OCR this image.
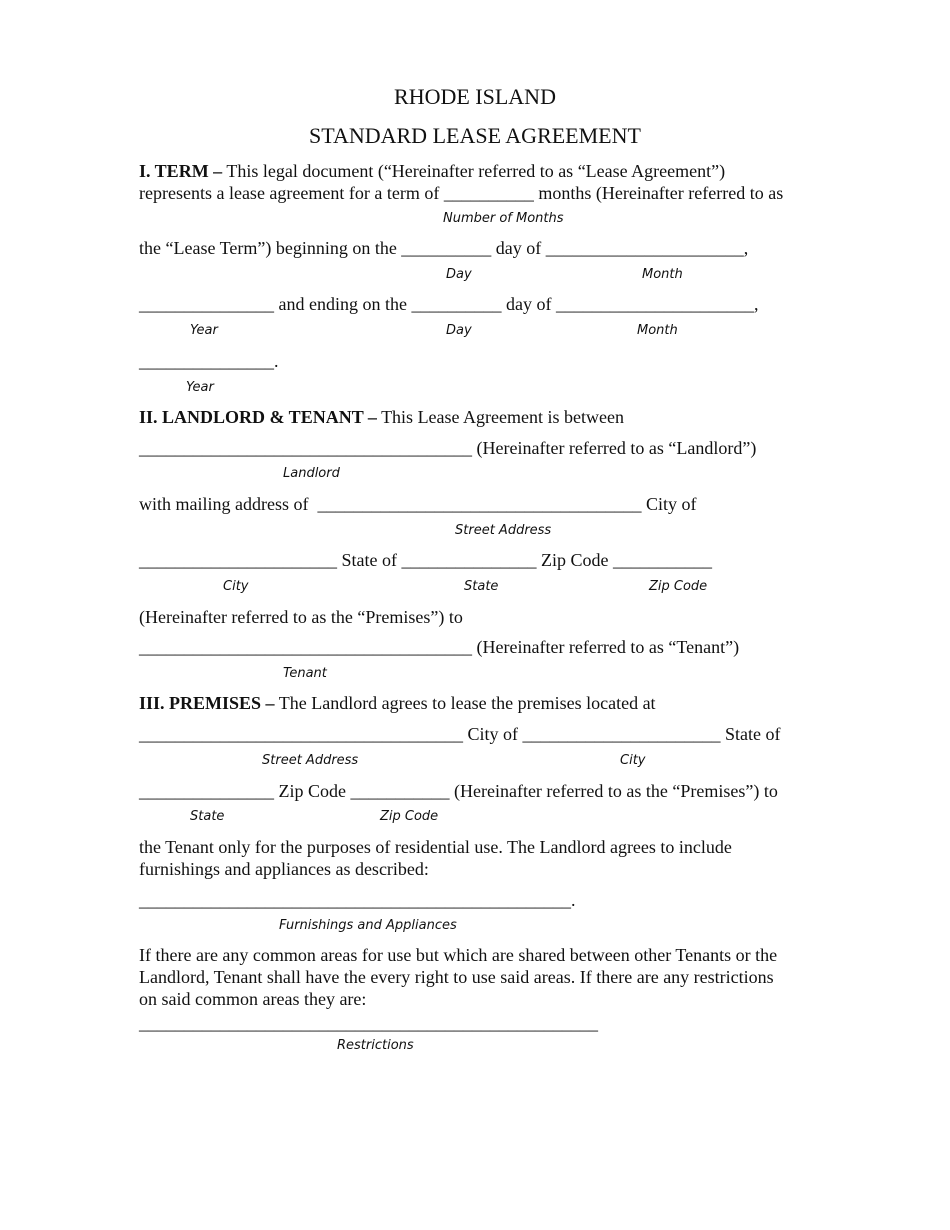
RHODE ISLAND
STANDARD LEASE AGREEMENT
I. TERM – This legal document (“Hereinafter referred to as “Lease Agreement”)
represents a lease agreement for a term of __________ months (Hereinafter referred to as
Number of Months
the “Lease Term”) beginning on the __________ day of ______________________,
Day	Month
_______________ and ending on the __________ day of ______________________,
Year	Day	Month
_______________.
Year
II. LANDLORD & TENANT – This Lease Agreement is between
_____________________________________ (Hereinafter referred to as “Landlord”)
Landlord
with mailing address of  ____________________________________ City of
Street Address
______________________ State of _______________ Zip Code ___________
City	State	Zip Code
(Hereinafter referred to as the “Premises”) to
_____________________________________ (Hereinafter referred to as “Tenant”)
Tenant
III. PREMISES – The Landlord agrees to lease the premises located at
____________________________________ City of ______________________ State of
Street Address	City
_______________ Zip Code ___________ (Hereinafter referred to as the “Premises”) to
State	Zip Code
the Tenant only for the purposes of residential use. The Landlord agrees to include
furnishings and appliances as described:
________________________________________________.
Furnishings and Appliances
If there are any common areas for use but which are shared between other Tenants or the
Landlord, Tenant shall have the every right to use said areas. If there are any restrictions
on said common areas they are:
___________________________________________________
Restrictions
